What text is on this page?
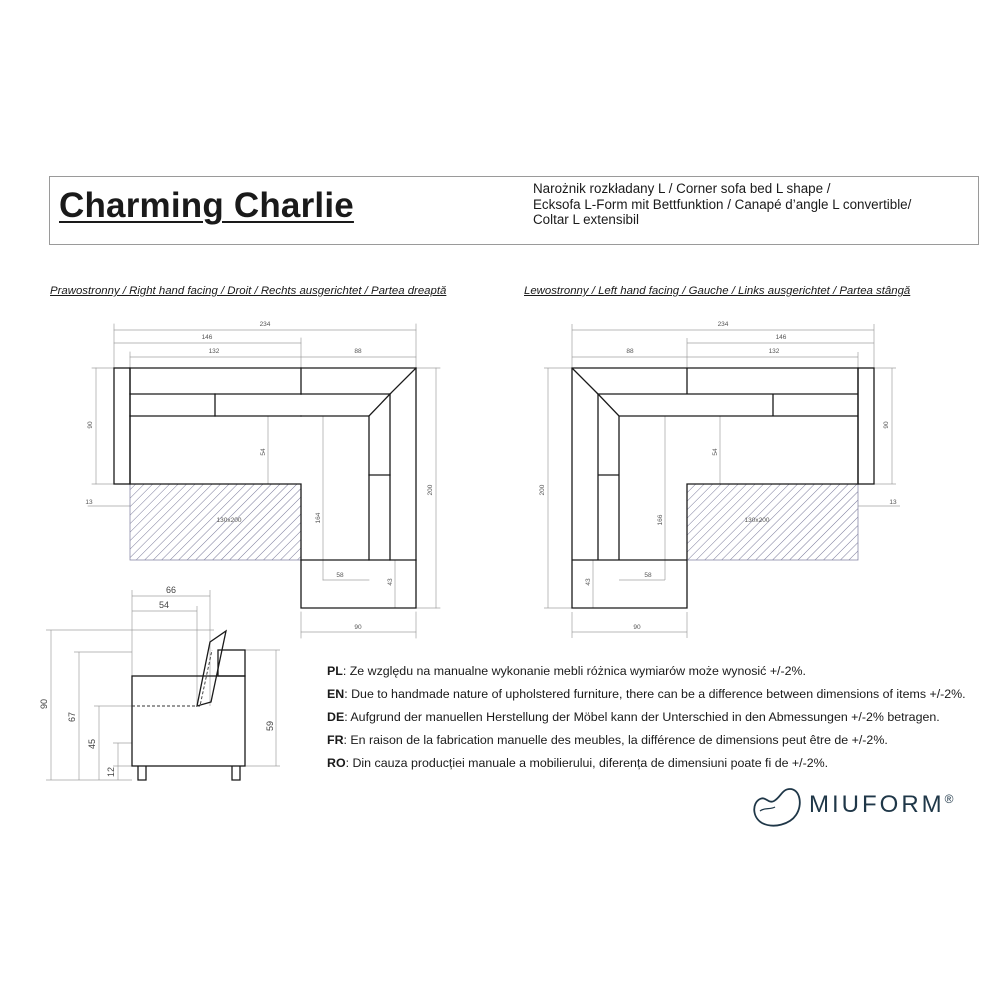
Charming Charlie	Narożnik rozkładany L / Corner sofa bed L shape /
Ecksofa L-Form mit Bettfunktion / Canapé d’angle L convertible/
Coltar L extensibil
Prawostronny / Right hand facing / Droit / Rechts ausgerichtet / Partea dreaptă	Lewostronny / Left hand facing / Gauche / Links ausgerichtet / Partea stângă
234
146
132	88
90
54
200
13
130x200	164
58
43
90
234
146
132
88
90
54
200
13
130x200
166
58
43
90
66
54
90
67
59
45
12
PL: Ze względu na manualne wykonanie mebli różnica wymiarów może wynosić +/-2%.
EN: Due to handmade nature of upholstered furniture, there can be a difference between dimensions of items +/-2%.
DE: Aufgrund der manuellen Herstellung der Möbel kann der Unterschied in den Abmessungen +/-2% betragen.
FR: En raison de la fabrication manuelle des meubles, la différence de dimensions peut être de +/-2%.
RO: Din cauza producției manuale a mobilierului, diferența de dimensiuni poate fi de +/-2%.
MIUFORM®
